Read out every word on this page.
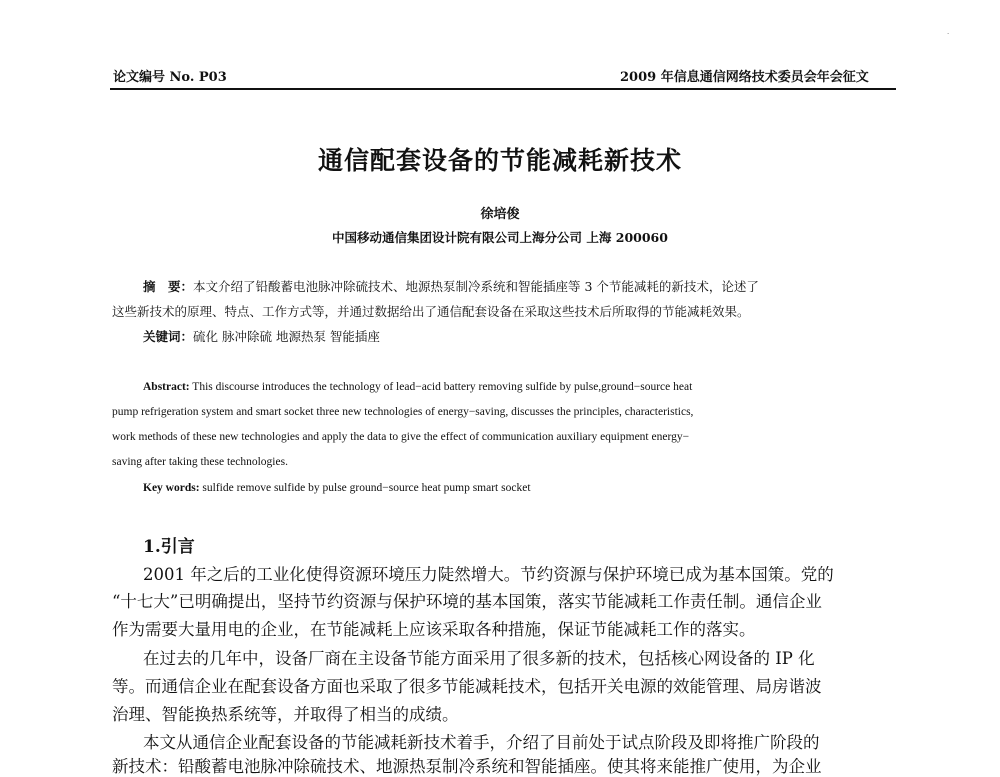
·
论文编号 No. P03	2009 年信息通信网络技术委员会年会征文
通信配套设备的节能减耗新技术
徐培俊
中国移动通信集团设计院有限公司上海分公司 上海 200060
摘　要：本文介绍了铅酸蓄电池脉冲除硫技术、地源热泵制冷系统和智能插座等 3 个节能减耗的新技术，论述了
这些新技术的原理、特点、工作方式等，并通过数据给出了通信配套设备在采取这些技术后所取得的节能减耗效果。
关键词：硫化 脉冲除硫 地源热泵 智能插座
Abstract: This discourse introduces the technology of lead−acid battery removing sulfide by pulse,ground−source heat
pump refrigeration system and smart socket three new technologies of energy−saving, discusses the principles, characteristics,
work methods of these new technologies and apply the data to give the effect of communication auxiliary equipment energy−
saving after taking these technologies.
Key words: sulfide remove sulfide by pulse ground−source heat pump smart socket
1.引言
2001 年之后的工业化使得资源环境压力陡然增大。节约资源与保护环境已成为基本国策。党的
“十七大”已明确提出，坚持节约资源与保护环境的基本国策，落实节能减耗工作责任制。通信企业
作为需要大量用电的企业，在节能减耗上应该采取各种措施，保证节能减耗工作的落实。
在过去的几年中，设备厂商在主设备节能方面采用了很多新的技术，包括核心网设备的 IP 化
等。而通信企业在配套设备方面也采取了很多节能减耗技术，包括开关电源的效能管理、局房谐波
治理、智能换热系统等，并取得了相当的成绩。
本文从通信企业配套设备的节能减耗新技术着手，介绍了目前处于试点阶段及即将推广阶段的
新技术：铅酸蓄电池脉冲除硫技术、地源热泵制冷系统和智能插座。使其将来能推广使用，为企业
